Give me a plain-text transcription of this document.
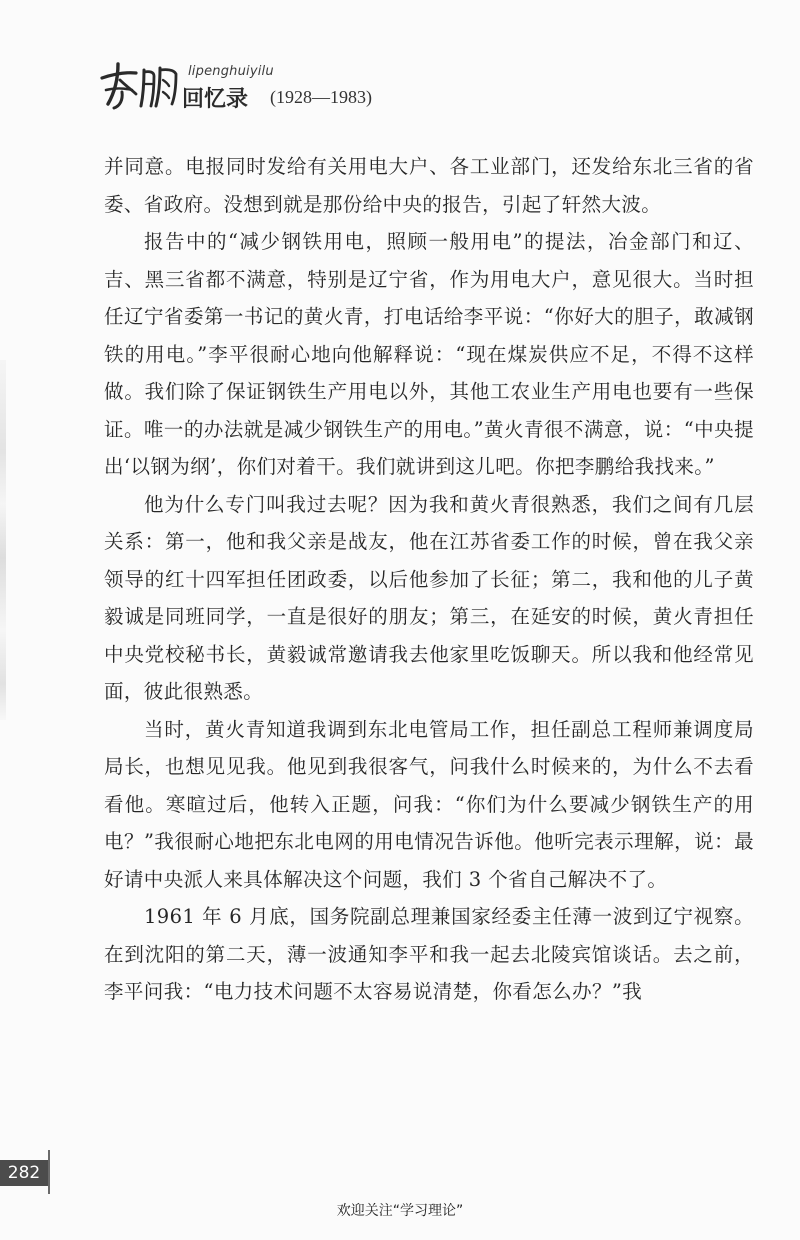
lipenghuiyilu
回忆录 (1928—1983)

并同意。电报同时发给有关用电大户、各工业部门，还发给东北三省的省委、省政府。没想到就是那份给中央的报告，引起了轩然大波。

报告中的“减少钢铁用电，照顾一般用电”的提法，冶金部门和辽、吉、黑三省都不满意，特别是辽宁省，作为用电大户，意见很大。当时担任辽宁省委第一书记的黄火青，打电话给李平说：“你好大的胆子，敢减钢铁的用电。”李平很耐心地向他解释说：“现在煤炭供应不足，不得不这样做。我们除了保证钢铁生产用电以外，其他工农业生产用电也要有一些保证。唯一的办法就是减少钢铁生产的用电。”黄火青很不满意，说：“中央提出‘以钢为纲’，你们对着干。我们就讲到这儿吧。你把李鹏给我找来。”

他为什么专门叫我过去呢？因为我和黄火青很熟悉，我们之间有几层关系：第一，他和我父亲是战友，他在江苏省委工作的时候，曾在我父亲领导的红十四军担任团政委，以后他参加了长征；第二，我和他的儿子黄毅诚是同班同学，一直是很好的朋友；第三，在延安的时候，黄火青担任中央党校秘书长，黄毅诚常邀请我去他家里吃饭聊天。所以我和他经常见面，彼此很熟悉。

当时，黄火青知道我调到东北电管局工作，担任副总工程师兼调度局局长，也想见见我。他见到我很客气，问我什么时候来的，为什么不去看看他。寒暄过后，他转入正题，问我：“你们为什么要减少钢铁生产的用电？”我很耐心地把东北电网的用电情况告诉他。他听完表示理解，说：最好请中央派人来具体解决这个问题，我们 3 个省自己解决不了。

1961 年 6 月底，国务院副总理兼国家经委主任薄一波到辽宁视察。在到沈阳的第二天，薄一波通知李平和我一起去北陵宾馆谈话。去之前，李平问我：“电力技术问题不太容易说清楚，你看怎么办？”我

282
欢迎关注“学习理论”
